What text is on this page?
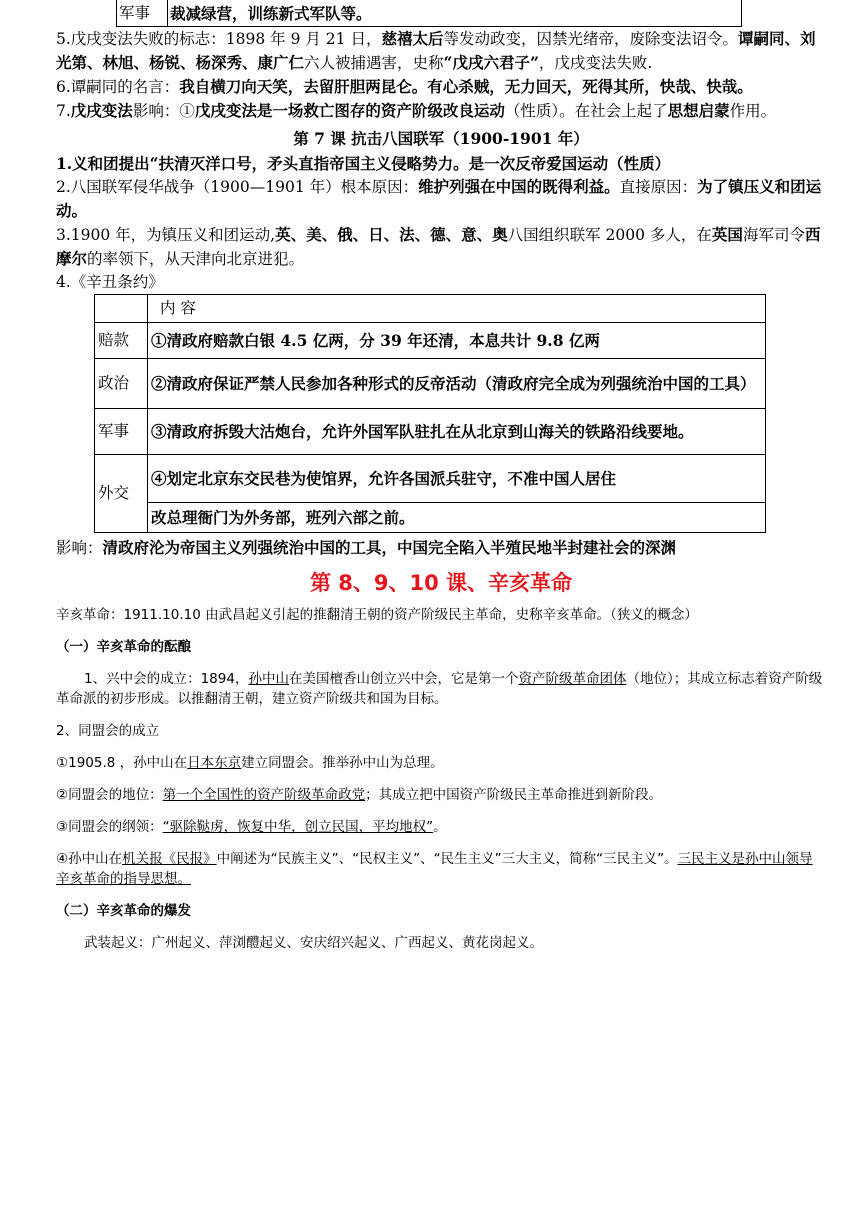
军事	裁减绿营，训练新式军队等。

5.戊戌变法失败的标志：1898 年 9 月 21 日，慈禧太后等发动政变，囚禁光绪帝，废除变法诏令。谭嗣同、刘光第、林旭、杨锐、杨深秀、康广仁六人被捕遇害，史称“戊戌六君子”，戊戌变法失败.

6.谭嗣同的名言：我自横刀向天笑，去留肝胆两昆仑。有心杀贼，无力回天，死得其所，快哉、快哉。

7.戊戌变法影响：①戊戌变法是一场救亡图存的资产阶级改良运动（性质）。在社会上起了思想启蒙作用。

第 7 课 抗击八国联军（1900-1901 年）

1.义和团提出“扶清灭洋口号，矛头直指帝国主义侵略势力。是一次反帝爱国运动（性质）

2.八国联军侵华战争（1900—1901 年）根本原因：维护列强在中国的既得利益。直接原因：为了镇压义和团运动。

3.1900 年，为镇压义和团运动,英、美、俄、日、法、德、意、奥八国组织联军 2000 多人，在英国海军司令西摩尔的率领下，从天津向北京进犯。

4.《辛丑条约》

	内 容
赔款	①清政府赔款白银 4.5 亿两，分 39 年还清，本息共计 9.8 亿两
政治	②清政府保证严禁人民参加各种形式的反帝活动（清政府完全成为列强统治中国的工具）
军事	③清政府拆毁大沽炮台，允许外国军队驻扎在从北京到山海关的铁路沿线要地。
外交	④划定北京东交民巷为使馆界，允许各国派兵驻守，不准中国人居住
	改总理衙门为外务部，班列六部之前。

影响：清政府沦为帝国主义列强统治中国的工具，中国完全陷入半殖民地半封建社会的深渊

第 8、9、10 课、辛亥革命

辛亥革命：1911.10.10 由武昌起义引起的推翻清王朝的资产阶级民主革命，史称辛亥革命。（狭义的概念）

（一）辛亥革命的酝酿

1、兴中会的成立：1894，孙中山在美国檀香山创立兴中会，它是第一个资产阶级革命团体（地位）；其成立标志着资产阶级革命派的初步形成。以推翻清王朝，建立资产阶级共和国为目标。

2、同盟会的成立

①1905.8 ，孙中山在日本东京建立同盟会。推举孙中山为总理。

②同盟会的地位：第一个全国性的资产阶级革命政党；其成立把中国资产阶级民主革命推进到新阶段。

③同盟会的纲领：“驱除鞑虏，恢复中华，创立民国，平均地权”。

④孙中山在机关报《民报》中阐述为“民族主义”、“民权主义”、“民生主义”三大主义，简称“三民主义”。三民主义是孙中山领导辛亥革命的指导思想。

（二）辛亥革命的爆发

武装起义：广州起义、萍浏醴起义、安庆绍兴起义、广西起义、黄花岗起义。
